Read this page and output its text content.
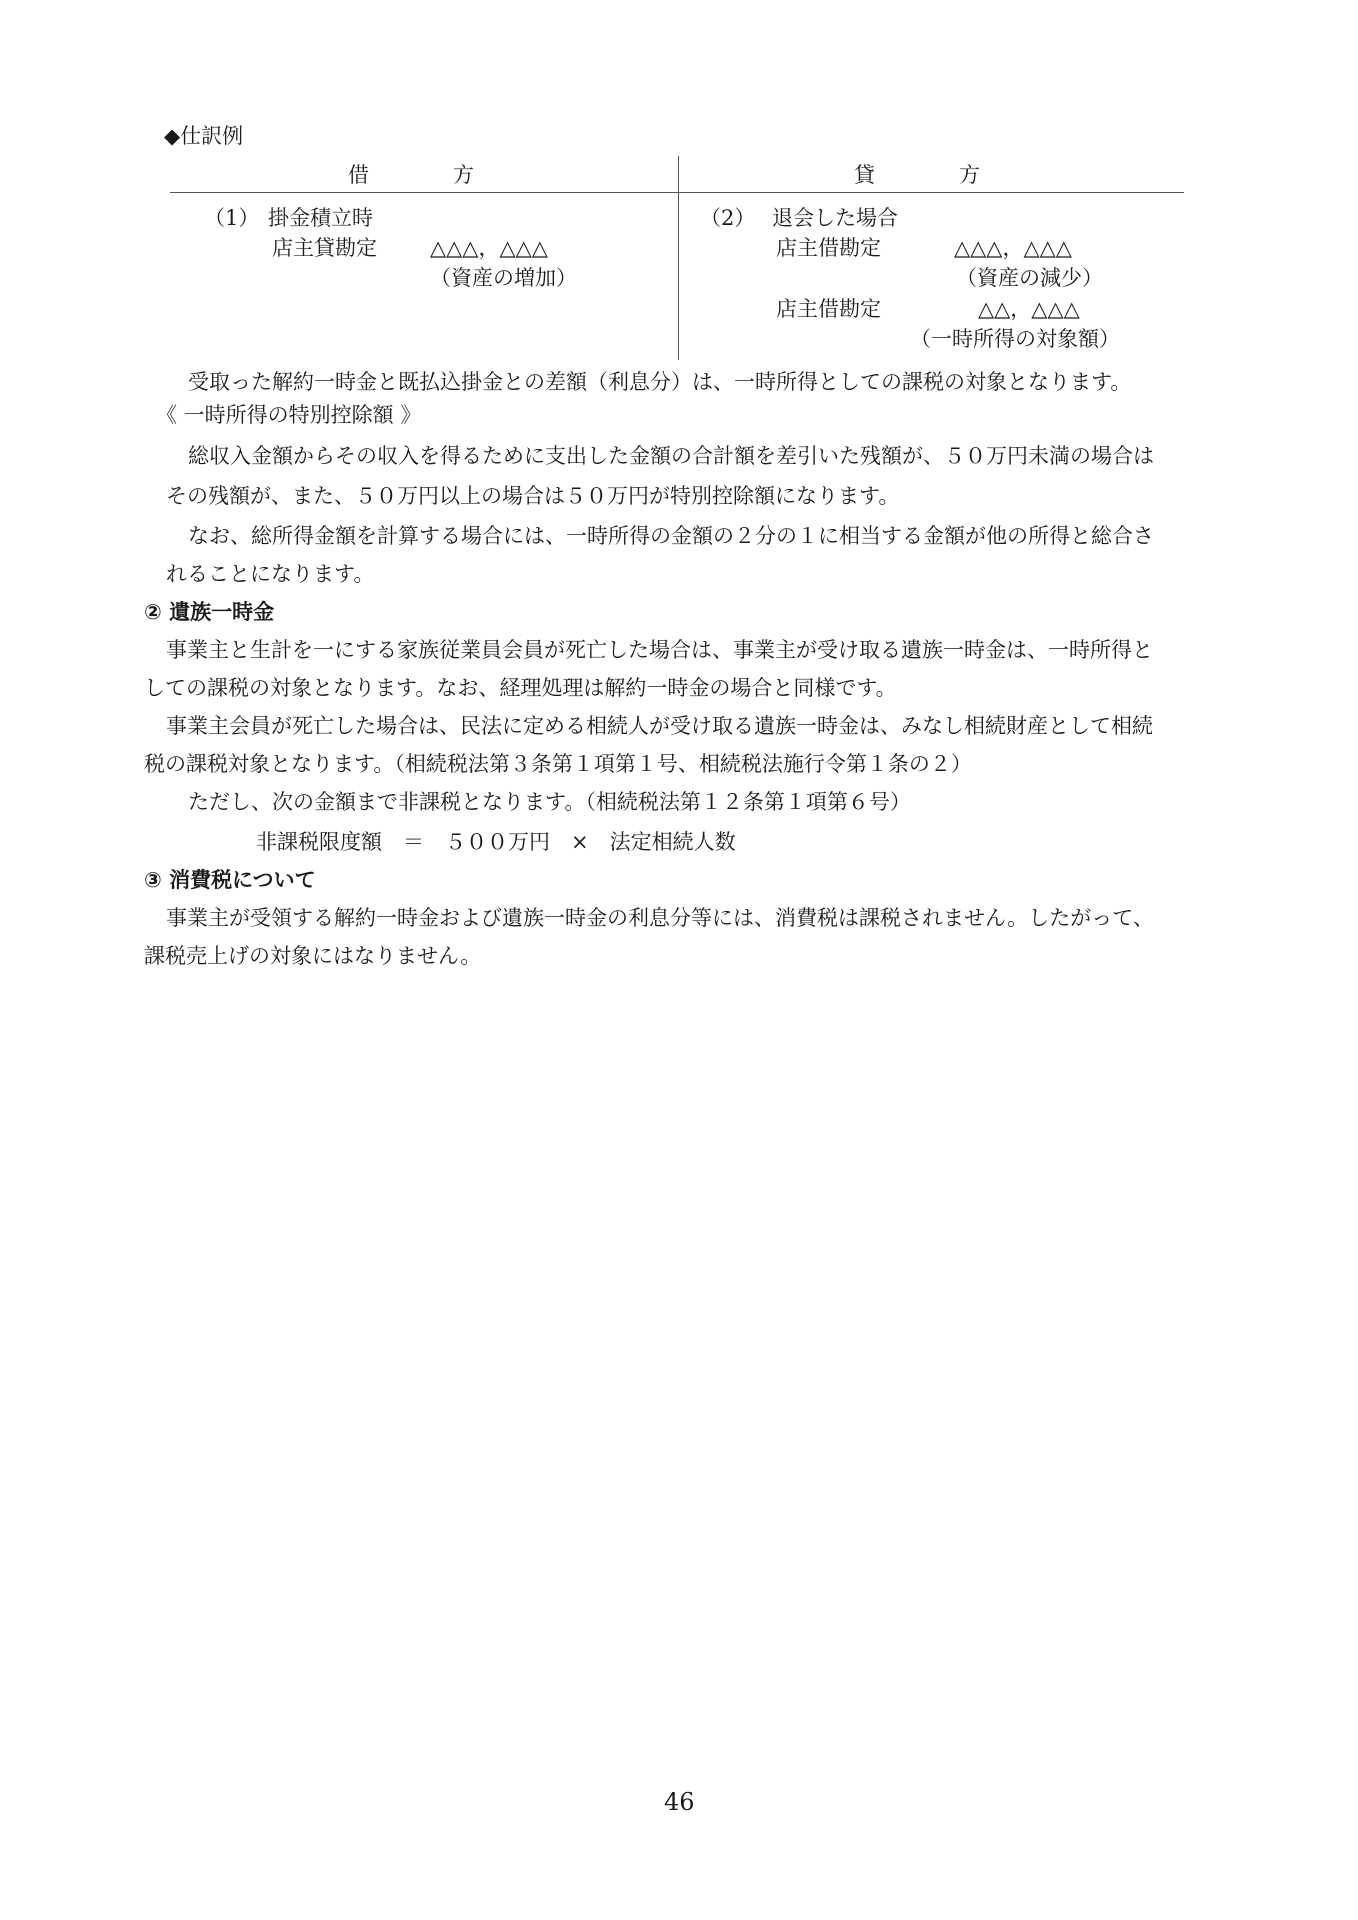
◆仕訳例
借　　　　方	貸　　　　方
（1） 掛金積立時
店主貸勘定	△△△，△△△
（資産の増加）
（2） 退会した場合
店主借勘定	△△△，△△△
（資産の減少）
店主借勘定	△△，△△△
（一時所得の対象額）
受取った解約一時金と既払込掛金との差額（利息分）は、一時所得としての課税の対象となります。
《 一時所得の特別控除額 》
総収入金額からその収入を得るために支出した金額の合計額を差引いた残額が、５０万円未満の場合は
その残額が、また、５０万円以上の場合は５０万円が特別控除額になります。
なお、総所得金額を計算する場合には、一時所得の金額の２分の１に相当する金額が他の所得と総合さ
れることになります。
② 遺族一時金
事業主と生計を一にする家族従業員会員が死亡した場合は、事業主が受け取る遺族一時金は、一時所得と
しての課税の対象となります。なお、経理処理は解約一時金の場合と同様です。
事業主会員が死亡した場合は、民法に定める相続人が受け取る遺族一時金は、みなし相続財産として相続
税の課税対象となります。（相続税法第３条第１項第１号、相続税法施行令第１条の２）
ただし、次の金額まで非課税となります。（相続税法第１２条第１項第６号）
非課税限度額　＝　５００万円　×　法定相続人数
③ 消費税について
事業主が受領する解約一時金および遺族一時金の利息分等には、消費税は課税されません。したがって、
課税売上げの対象にはなりません。
46
